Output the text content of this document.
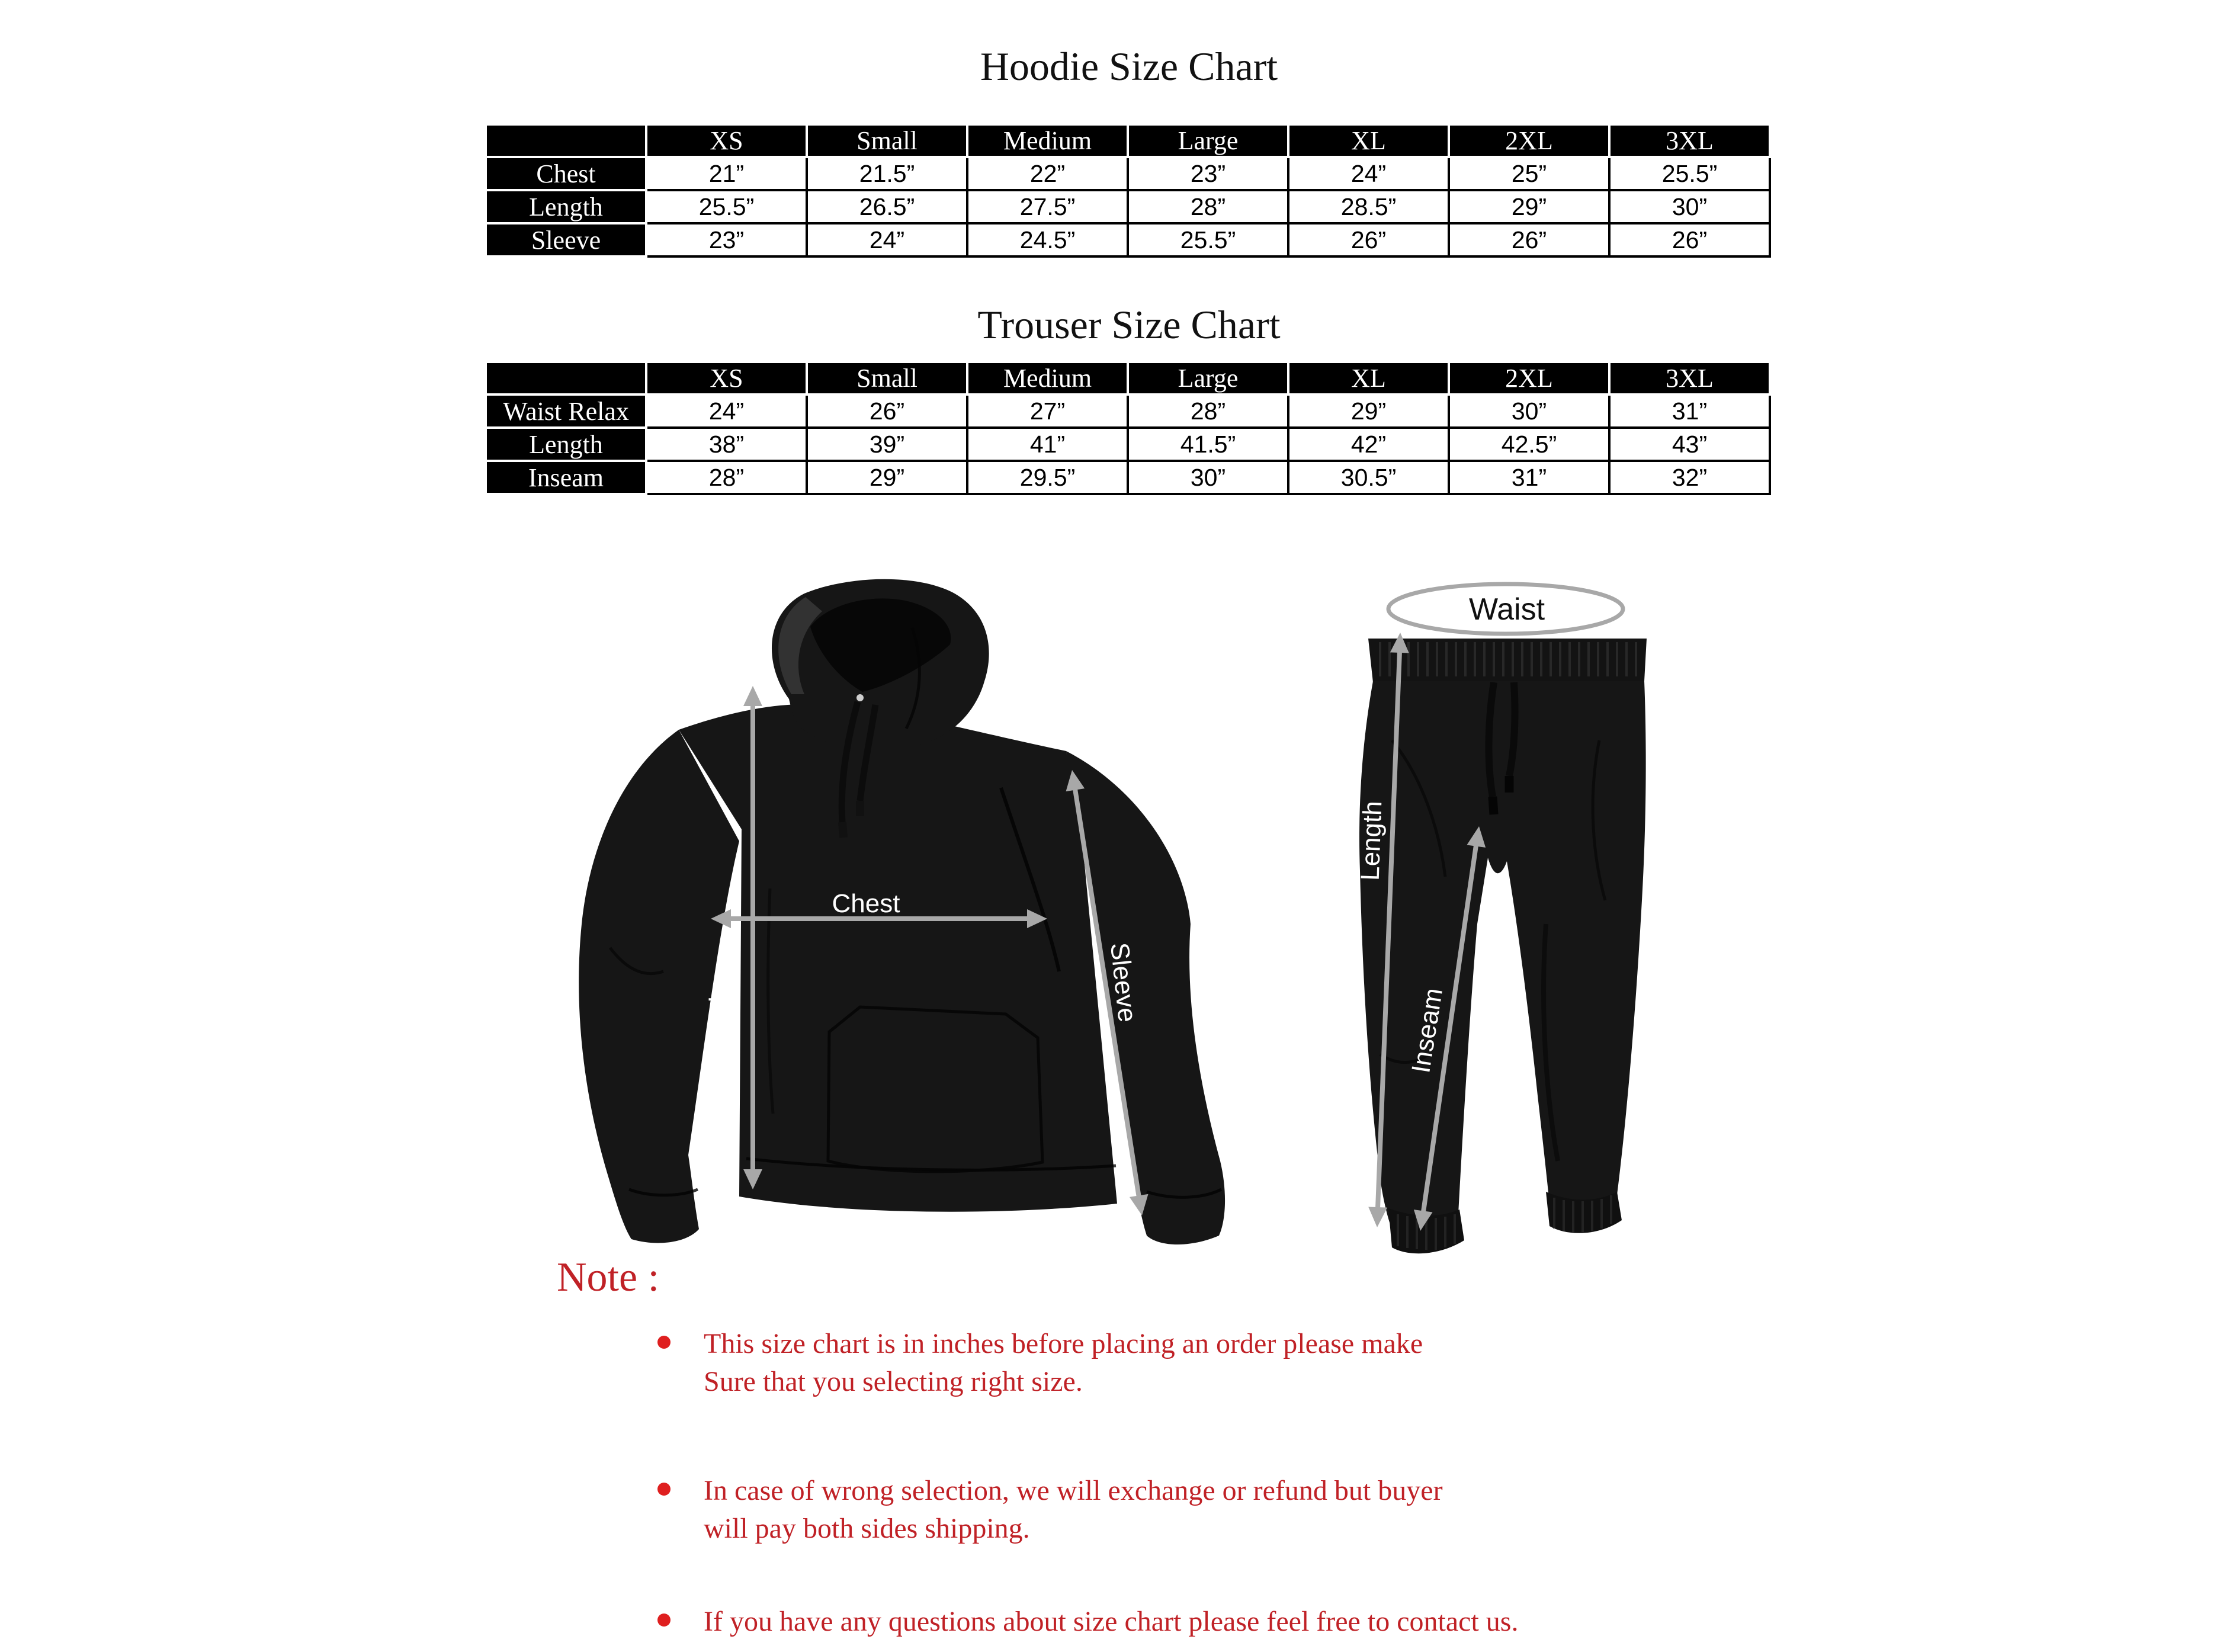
Hoodie Size Chart
	XS	Small	Medium	Large	XL	2XL	3XL
Chest	21”	21.5”	22”	23”	24”	25”	25.5”
Length	25.5”	26.5”	27.5”	28”	28.5”	29”	30”
Sleeve	23”	24”	24.5”	25.5”	26”	26”	26”
Trouser Size Chart
	XS	Small	Medium	Large	XL	2XL	3XL
Waist Relax	24”	26”	27”	28”	29”	30”	31”
Length	38”	39”	41”	41.5”	42”	42.5”	43”
Inseam	28”	29”	29.5”	30”	30.5”	31”	32”
Chest
Length
Sleeve
Waist
Length
Inseam
Note :
This size chart is in inches before placing an order please make
Sure that you selecting right size.
In case of wrong selection, we will exchange or refund but buyer
will pay both sides shipping.
If you have any questions about size chart please feel free to contact us.
